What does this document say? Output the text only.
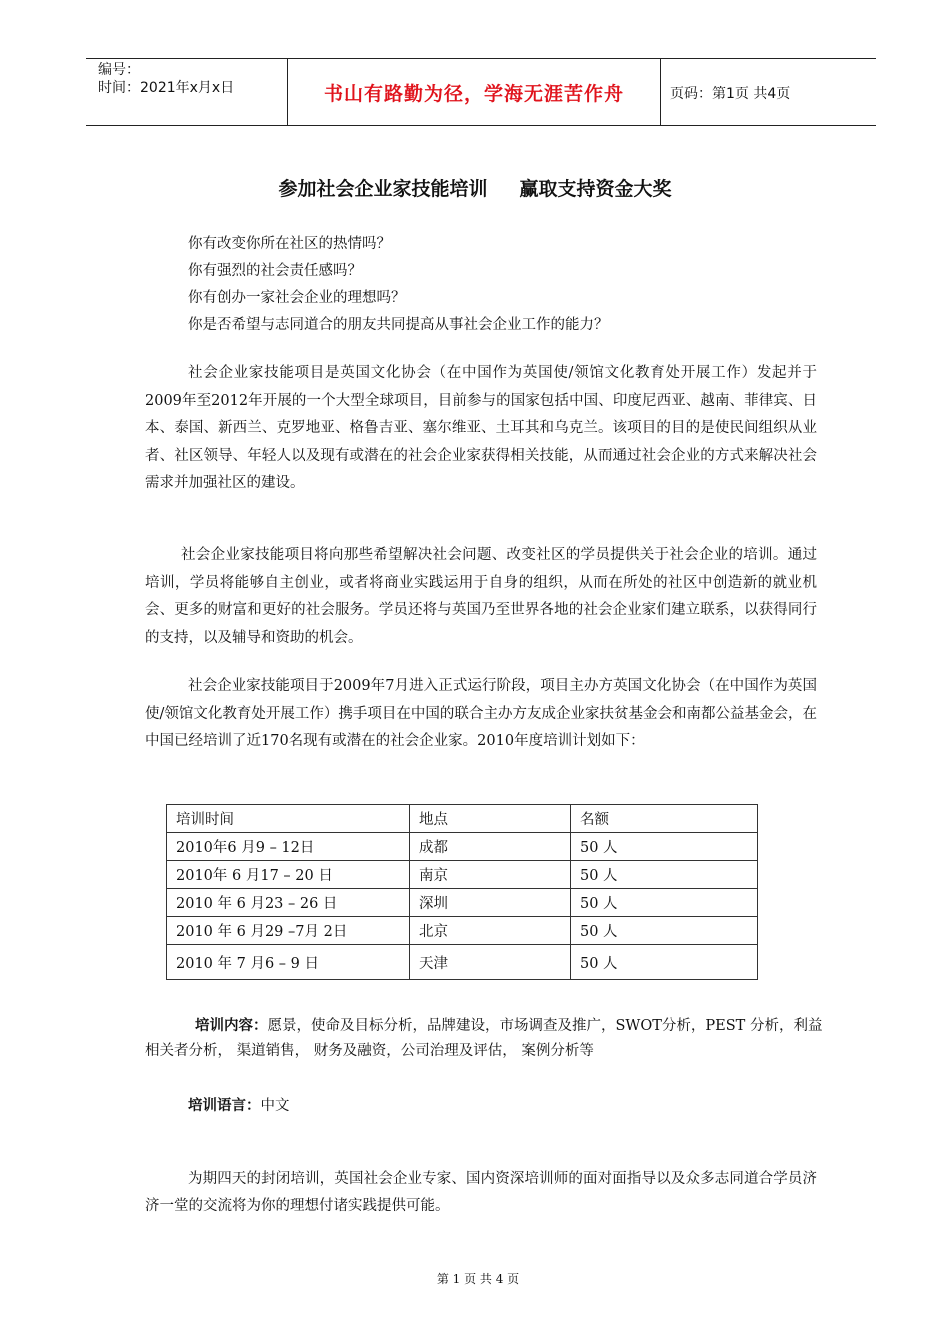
编号：
时间：2021年x月x日	书山有路勤为径，学海无涯苦作舟	页码：第1页 共4页
参加社会企业家技能培训 赢取支持资金大奖
你有改变你所在社区的热情吗？
你有强烈的社会责任感吗？
你有创办一家社会企业的理想吗？
你是否希望与志同道合的朋友共同提高从事社会企业工作的能力？
社会企业家技能项目是英国文化协会（在中国作为英国使/领馆文化教育处开展工作）发起并于2009年至2012年开展的一个大型全球项目，目前参与的国家包括中国、印度尼西亚、越南、菲律宾、日本、泰国、新西兰、克罗地亚、格鲁吉亚、塞尔维亚、土耳其和乌克兰。该项目的目的是使民间组织从业者、社区领导、年轻人以及现有或潜在的社会企业家获得相关技能，从而通过社会企业的方式来解决社会需求并加强社区的建设。
社会企业家技能项目将向那些希望解决社会问题、改变社区的学员提供关于社会企业的培训。通过培训，学员将能够自主创业，或者将商业实践运用于自身的组织，从而在所处的社区中创造新的就业机会、更多的财富和更好的社会服务。学员还将与英国乃至世界各地的社会企业家们建立联系，以获得同行的支持，以及辅导和资助的机会。
社会企业家技能项目于2009年7月进入正式运行阶段，项目主办方英国文化协会（在中国作为英国使/领馆文化教育处开展工作）携手项目在中国的联合主办方友成企业家扶贫基金会和南都公益基金会，在中国已经培训了近170名现有或潜在的社会企业家。2010年度培训计划如下：
培训时间	地点	名额
2010年6 月9 – 12日	成都	50 人
2010年 6 月17 – 20 日	南京	50 人
2010 年 6 月23 – 26 日	深圳	50 人
2010 年 6 月29 –7月 2日	北京	50 人
2010 年 7 月6 – 9 日	天津	50 人
培训内容：愿景，使命及目标分析，品牌建设，市场调查及推广，SWOT分析，PEST 分析，利益相关者分析， 渠道销售， 财务及融资，公司治理及评估， 案例分析等
培训语言：中文
为期四天的封闭培训，英国社会企业专家、国内资深培训师的面对面指导以及众多志同道合学员济济一堂的交流将为你的理想付诸实践提供可能。
第 1 页 共 4 页
